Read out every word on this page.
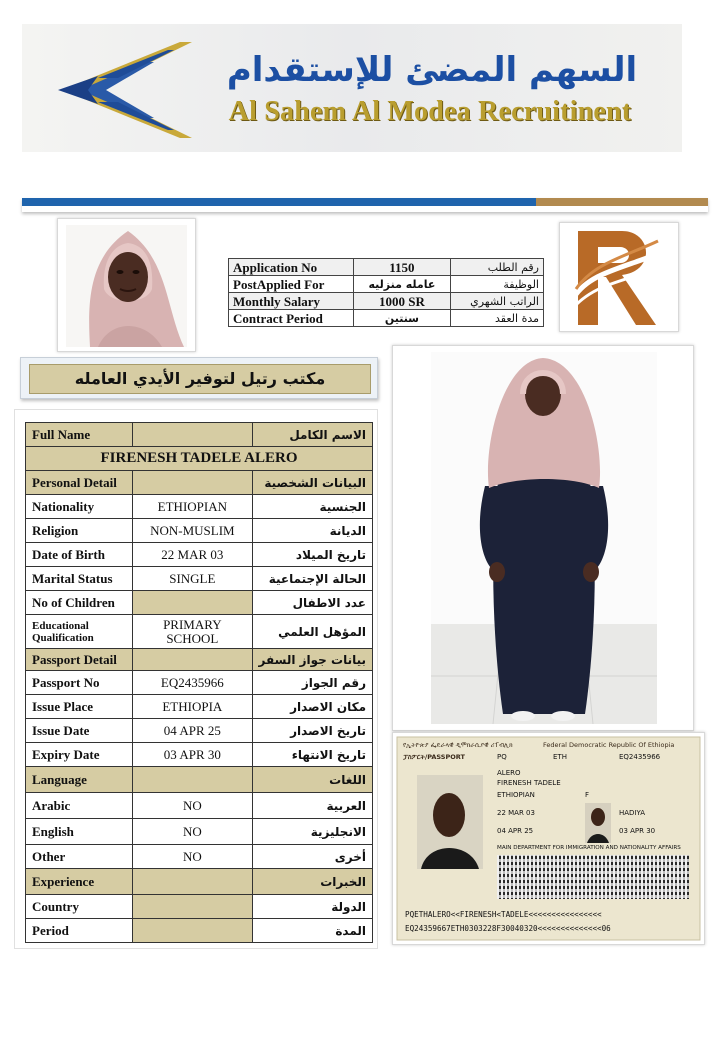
السهم المضئ للإستقدام
Al Sahem Al Modea Recruitinent
Application No	1150	رقم الطلب
PostApplied For	عامله منزليه	الوظيفة
Monthly Salary	1000 SR	الراتب الشهري
Contract Period	سنتين	مدة العقد
مكتب رتيل لتوفير الأيدي العامله
Full Name		الاسم الكامل
FIRENESH TADELE ALERO		
Personal Detail		البيانات الشخصية
Nationality	ETHIOPIAN	الجنسية
Religion	NON-MUSLIM	الديانة
Date of Birth	22 MAR 03	تاريخ الميلاد
Marital Status	SINGLE	الحالة الإجتماعية
No of Children		عدد الاطفال
Educational Qualification	PRIMARY SCHOOL	المؤهل العلمي
Passport Detail		بيانات جواز السفر
Passport No	EQ2435966	رقم الجواز
Issue Place	ETHIOPIA	مكان الاصدار
Issue Date	04 APR 25	تاريخ الاصدار
Expiry Date	03 APR 30	تاريخ الانتهاء
Language		اللغات
Arabic	NO	العربية
English	NO	الانجليزية
Other	NO	أخرى
Experience		الخبرات
Country		الدولة
Period		المدة
የኢትዮጵያ ፌዴራላዊ ዲሞክራሲያዊ ሪፐብሊክ	Federal Democratic Republic Of Ethiopia
ፓስፖርት/PASSPORT	PQ	ETH	EQ2435966
ALERO
FIRENESH TADELE
ETHIOPIAN	F
22 MAR 03	HADIYA
04 APR 25	03 APR 30
MAIN DEPARTMENT FOR IMMIGRATION AND NATIONALITY AFFAIRS
PQETHALERO<<FIRENESH<TADELE<<<<<<<<<<<<<<<<
EQ24359667ETH0303228F30040320<<<<<<<<<<<<<<06
